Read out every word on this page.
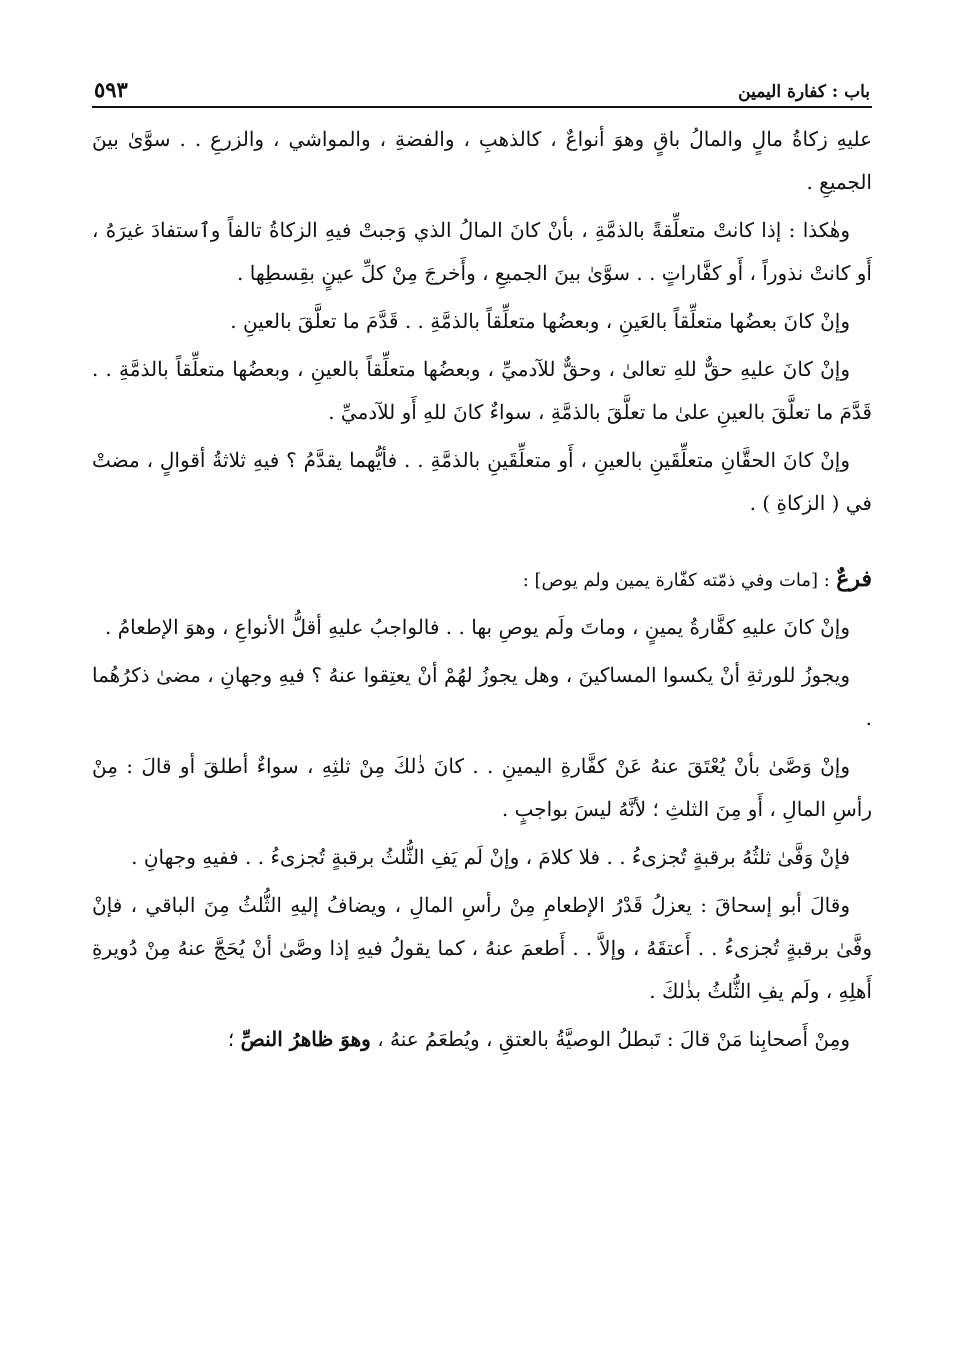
باب : كفارة اليمين
٥٩٣

عليهِ زكاةُ مالٍ والمالُ باقٍ وهوَ أنواعٌ ، كالذهبِ ، والفضةِ ، والمواشي ، والزرعِ . . سوَّىٰ بينَ الجميعِ .

وهٰكذا : إذا كانتْ متعلِّقةً بالذمَّةِ ، بأنْ كانَ المالُ الذي وَجبتْ فيهِ الزكاةُ تالفاً وٱستفادَ غيرَهُ ، أَو كانتْ نذوراً ، أَو كفَّاراتٍ . . سوَّىٰ بينَ الجميعِ ، وأَخرجَ مِنْ كلِّ عينٍ بقِسطِها .

وإنْ كانَ بعضُها متعلِّقاً بالعَينِ ، وبعضُها متعلِّقاً بالذمَّةِ . . قَدَّمَ ما تعلَّقَ بالعينِ .

وإنْ كانَ عليهِ حقٌّ للهِ تعالىٰ ، وحقٌّ للآدميِّ ، وبعضُها متعلِّقاً بالعينِ ، وبعضُها متعلِّقاً بالذمَّةِ . . قَدَّمَ ما تعلَّقَ بالعينِ علىٰ ما تعلَّقَ بالذمَّةِ ، سواءٌ كانَ للهِ أَو للآدميِّ .

وإنْ كانَ الحقَّانِ متعلِّقَينِ بالعينِ ، أَو متعلِّقَينِ بالذمَّةِ . . فأيُّهما يقدَّمُ ؟ فيهِ ثلاثةُ أقوالٍ ، مضتْ في ( الزكاةِ ) .

فرعٌ : [مات وفي ذمّته كفّارة يمين ولم يوص] :

وإنْ كانَ عليهِ كفَّارةُ يمينٍ ، وماتَ ولَم يوصِ بها . . فالواجبُ عليهِ أقلُّ الأنواعِ ، وهوَ الإطعامُ .

ويجوزُ للورثةِ أنْ يكسوا المساكينَ ، وهل يجوزُ لهُمْ أنْ يعتِقوا عنهُ ؟ فيهِ وجهانِ ، مضىٰ ذكرُهُما .

وإنْ وَصَّىٰ بأنْ يُعْتَقَ عنهُ عَنْ كفَّارةِ اليمينِ . . كانَ ذٰلكَ مِنْ ثلثِهِ ، سواءٌ أطلقَ أو قالَ : مِنْ رأسِ المالِ ، أَو مِنَ الثلثِ ؛ لأنَّهُ ليسَ بواجبٍ .

فإنْ وَفَّىٰ ثلثُهُ برقبةٍ تُجزىءُ . . فلا كلامَ ، وإنْ لَم يَفِ الثُّلثُ برقبةٍ تُجزىءُ . . ففيهِ وجهانِ .

وقالَ أبو إسحاقَ : يعزلُ قَدْرُ الإطعامِ مِنْ رأسِ المالِ ، ويضافُ إليهِ الثُّلثُ مِنَ الباقي ، فإنْ وفَّىٰ برقبةٍ تُجزىءُ . . أَعتقَهُ ، وإلاَّ . . أَطعمَ عنهُ ، كما يقولُ فيهِ إذا وصَّىٰ أنْ يُحَجَّ عنهُ مِنْ دُويرةِ أَهلِهِ ، ولَم يفِ الثُّلثُ بذٰلكَ .

ومِنْ أَصحابِنا مَنْ قالَ : تَبطلُ الوصيَّةُ بالعتقِ ، ويُطعَمُ عنهُ ، وهوَ ظاهرُ النصِّ ؛
